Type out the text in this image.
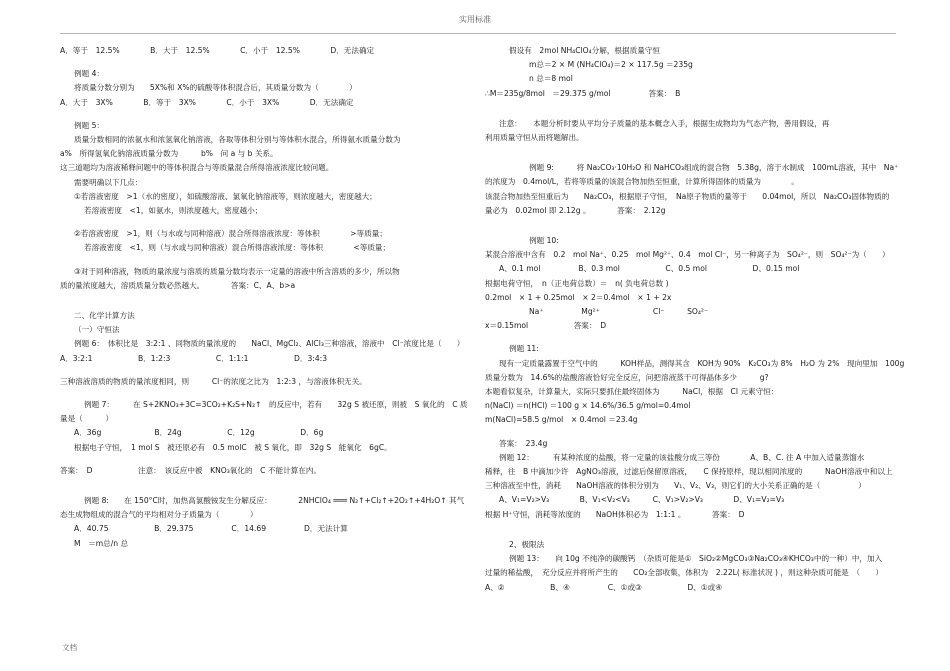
实用标准
A．等于　12.5%　　　　B．大于　12.5%　　　　C．小于　12.5%　　　　D．无法确定
例题 4：
将质量分数分别为　　5X%和 X%的硫酸等体积混合后，其质量分数为（　　　　）
A．大于　3X%　　　　B．等于　3X%　　　　C．小于　3X%　　　　D．无法确定
例题 5：
质量分数相同的浓氨水和浓氢氧化钠溶液，各取等体积分别与等体积水混合，所得氨水质量分数为
a%　所得氢氧化钠溶液质量分数为　　　b%　问 a 与 b 关系。
这三道题均为溶液稀释问题中的等体积混合与等质量混合所得溶液浓度比较问题。
需要明确以下几点：
①若溶液密度　>1（水的密度），如硫酸溶液、氯氧化钠溶液等，则浓度越大，密度越大；
若溶液密度　<1，如氨水，则浓度越大，密度越小；
②若溶液密度　>1，则（与水或与同种溶液）混合所得溶液浓度：等体积　　　　>等质量；
若溶液密度　<1，则（与水或与同种溶液）混合所得溶液浓度：等体积　　　　<等质量；
③对于同种溶液，物质的量浓度与溶质的质量分数均表示一定量的溶液中所含溶质的多少，所以物
质的量浓度越大，溶质质量分数必然越大。　　　　答案：C、A、b>a
二、化学计算方法
（一）守恒法
例题 6：　体积比是　3:2:1 、同物质的量浓度的　　NaCl、MgCl₂、AlCl₃三种溶液，溶液中　Cl⁻浓度比是（　　）
A．3:2:1　　　　　　B．1:2:3　　　　　　C．1:1:1　　　　　　D．3:4:3
三种溶液溶质的物质的量浓度相同，则　　　Cl⁻的浓度之比为　1:2:3 ，与溶液体积无关。
例题 7：　　　在 S+2KNO₃+3C=3CO₂+K₂S+N₂↑　的反应中，若有　　32g S 被还原，则被　S 氧化的　C 质
量是（　　　）
A．36g　　　　　　　B．24g　　　　　　C．12g　　　　　　D．6g
根据电子守恒，　1 mol S　被还原必有　0.5 molC　被 S 氧化，即　32g S　能氧化　6gC。
答案：　D　　　　　　注意：　该反应中被　KNO₃氧化的　C 不能计算在内。
例题 8:　　在 150°C时，加热高氯酸铵发生分解反应：　　　　2NHClO₄ ═══ N₂↑+Cl₂↑+2O₂↑+4H₂O↑ 其气
态生成物组成的混合气的平均相对分子质量为（　　　　）
A．40.75　　　　　　B．29.375　　　　　C．14.69　　　　　D．无法计算
M　＝m总/n 总
假设有　2mol NH₄ClO₄分解，根据质量守恒
m总＝2 × M (NH₄ClO₄)＝2 × 117.5g ＝235g
n 总＝8 mol
∴M＝235g/8mol　＝29.375 g/mol　　　　　答案：　B
注意：　　本题分析时要从平均分子质量的基本概念入手，根据生成物均为气态产物，善用假设，再
利用质量守恒从而将题解出。
例题 9:　　　将 Na₂CO₃·10H₂O 和 NaHCO₃组成的混合物　5.38g，溶于水制成　100mL溶液，其中　Na⁺
的浓度为　0.4mol/L，若将等质量的该混合物加热至恒重，计算所得固体的质量为　　　　。
该混合物加热至恒重后为　　Na₂CO₃，根据原子守恒，　Na原子物质的量等于　　0.04mol，所以　Na₂CO₃固体物质的
量必为　0.02mol 即 2.12g 。　　　　答案：　2.12g
例题 10:
某混合溶液中含有　0.2　mol Na⁺、0.25　mol Mg²⁺、0.4　mol Cl⁻，另一种离子为　SO₄²⁻，则　SO₄²⁻为（　　）
A、0.1 mol　　　　　B、0.3 mol　　　　　　C、0.5 mol　　　　　　D、0.15 mol
根据电荷守恒，　n（正电荷总数）＝　n( 负电荷总数 )
0.2mol　× 1 + 0.25mol　× 2＝0.4mol　× 1 + 2x
Na⁺　　　　　Mg²⁺　　　　　　　Cl⁻　　　SO₄²⁻
x＝0.15mol　　　　　　答案：　D
例题 11:
现有一定质量露置于空气中的　　　KOH样品，测得其含　KOH为 90%　K₂CO₃为 8%　H₂O 为 2%　现向里加　100g
质量分数为　14.6%的盐酸溶液恰好完全反应，问把溶液蒸干可得晶体多少　　　g?
本题看似复杂，计算量大，实际只要抓住最终固体为　　　NaCl，根据　Cl 元素守恒：
n(NaCl) ＝n(HCl) ＝100 g × 14.6%/36.5 g/mol=0.4mol
m(NaCl)=58.5 g/mol　× 0.4mol ＝23.4g
答案：　23.4g
例题 12：　　　有某种浓度的盐酸，将一定量的该盐酸分成三等份　　　　A、B、C. 往 A 中加入适量蒸馏水
稀释，往　B 中滴加少许　AgNO₃溶液，过滤后保留原溶液，　　C 保持原样，现以相同浓度的　　　NaOH溶液中和以上
三种溶液至中性，消耗　　NaOH溶液的体积分别为　　V₁、V₂、V₃，则它们的大小关系正确的是（　　　　　）
A、V₁=V₂>V₃　　　　B、V₁<V₂<V₃　　　C、V₁>V₂>V₃　　　　D、V₁=V₂=V₃
根据 H⁺守恒，消耗等浓度的　　NaOH体积必为　1:1:1 。　　　　答案：　D
2、极限法
例题 13：　　向 10g 不纯净的碳酸钙　（杂质可能是①　SiO₂②MgCO₃③Na₂CO₃④KHCO₃中的一种）中，加入
过量的稀盐酸，　充分反应并将所产生的　　CO₂全部收集，体积为　2.22L( 标准状况 ) ，则这种杂质可能是　（　　）
A、②　　　　　　B、④　　　　　C、①或③　　　　　　D、①或④
文档
